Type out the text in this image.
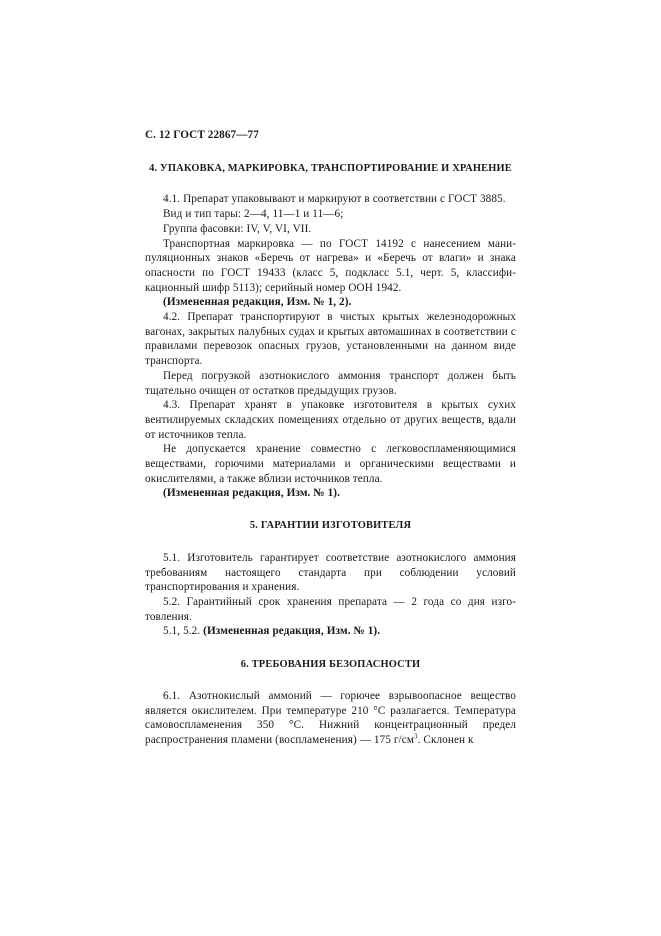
С. 12 ГОСТ 22867—77
4. УПАКОВКА, МАРКИРОВКА, ТРАНСПОРТИРОВАНИЕ И ХРАНЕНИЕ

4.1. Препарат упаковывают и маркируют в соответствии с ГОСТ 3885.

Вид и тип тары: 2—4, 11—1 и 11—6;

Группа фасовки: IV, V, VI, VII.

Транспортная маркировка — по ГОСТ 14192 с нанесением манипуляционных знаков «Беречь от нагрева» и «Беречь от влаги» и знака опасности по ГОСТ 19433 (класс 5, подкласс 5.1, черт. 5, классификационный шифр 5113); серийный номер ООН 1942.

(Измененная редакция, Изм. № 1, 2).

4.2. Препарат транспортируют в чистых крытых железнодорожных вагонах, закрытых палубных судах и крытых автомашинах в соответствии с правилами перевозок опасных грузов, установленными на данном виде транспорта.

Перед погрузкой азотнокислого аммония транспорт должен быть тщательно очищен от остатков предыдущих грузов.

4.3. Препарат хранят в упаковке изготовителя в крытых сухих вентилируемых складских помещениях отдельно от других веществ, вдали от источников тепла.

Не допускается хранение совместно с легковоспламеняющимися веществами, горючими материалами и органическими веществами и окислителями, а также вблизи источников тепла.

(Измененная редакция, Изм. № 1).

5. ГАРАНТИИ ИЗГОТОВИТЕЛЯ

5.1. Изготовитель гарантирует соответствие азотнокислого аммония требованиям настоящего стандарта при соблюдении условий транспортирования и хранения.

5.2. Гарантийный срок хранения препарата — 2 года со дня изготовления.

5.1, 5.2. (Измененная редакция, Изм. № 1).

6. ТРЕБОВАНИЯ БЕЗОПАСНОСТИ

6.1. Азотнокислый аммоний — горючее взрывоопасное вещество является окислителем. При температуре 210 °С разлагается. Температура самовоспламенения 350 °С. Нижний концентрационный предел распространения пламени (воспламенения) — 175 $г/см^3$. Склонен к
